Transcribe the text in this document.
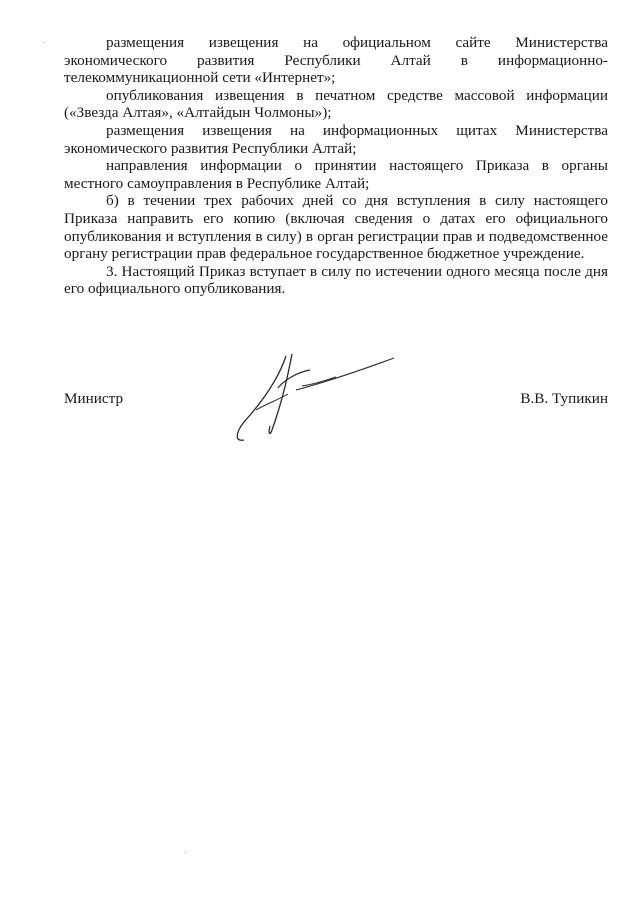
размещения извещения на официальном сайте Министерства экономического развития Республики Алтай в информационно-телекоммуникационной сети «Интернет»;

опубликования извещения в печатном средстве массовой информации («Звезда Алтая», «Алтайдын Чолмоны»);

размещения извещения на информационных щитах Министерства экономического развития Республики Алтай;

направления информации о принятии настоящего Приказа в органы местного самоуправления в Республике Алтай;

б) в течении трех рабочих дней со дня вступления в силу настоящего Приказа направить его копию (включая сведения о датах его официального опубликования и вступления в силу) в орган регистрации прав и подведомственное органу регистрации прав федеральное государственное бюджетное учреждение.

3. Настоящий Приказ вступает в силу по истечении одного месяца после дня его официального опубликования.

Министр	В.В. Тупикин
